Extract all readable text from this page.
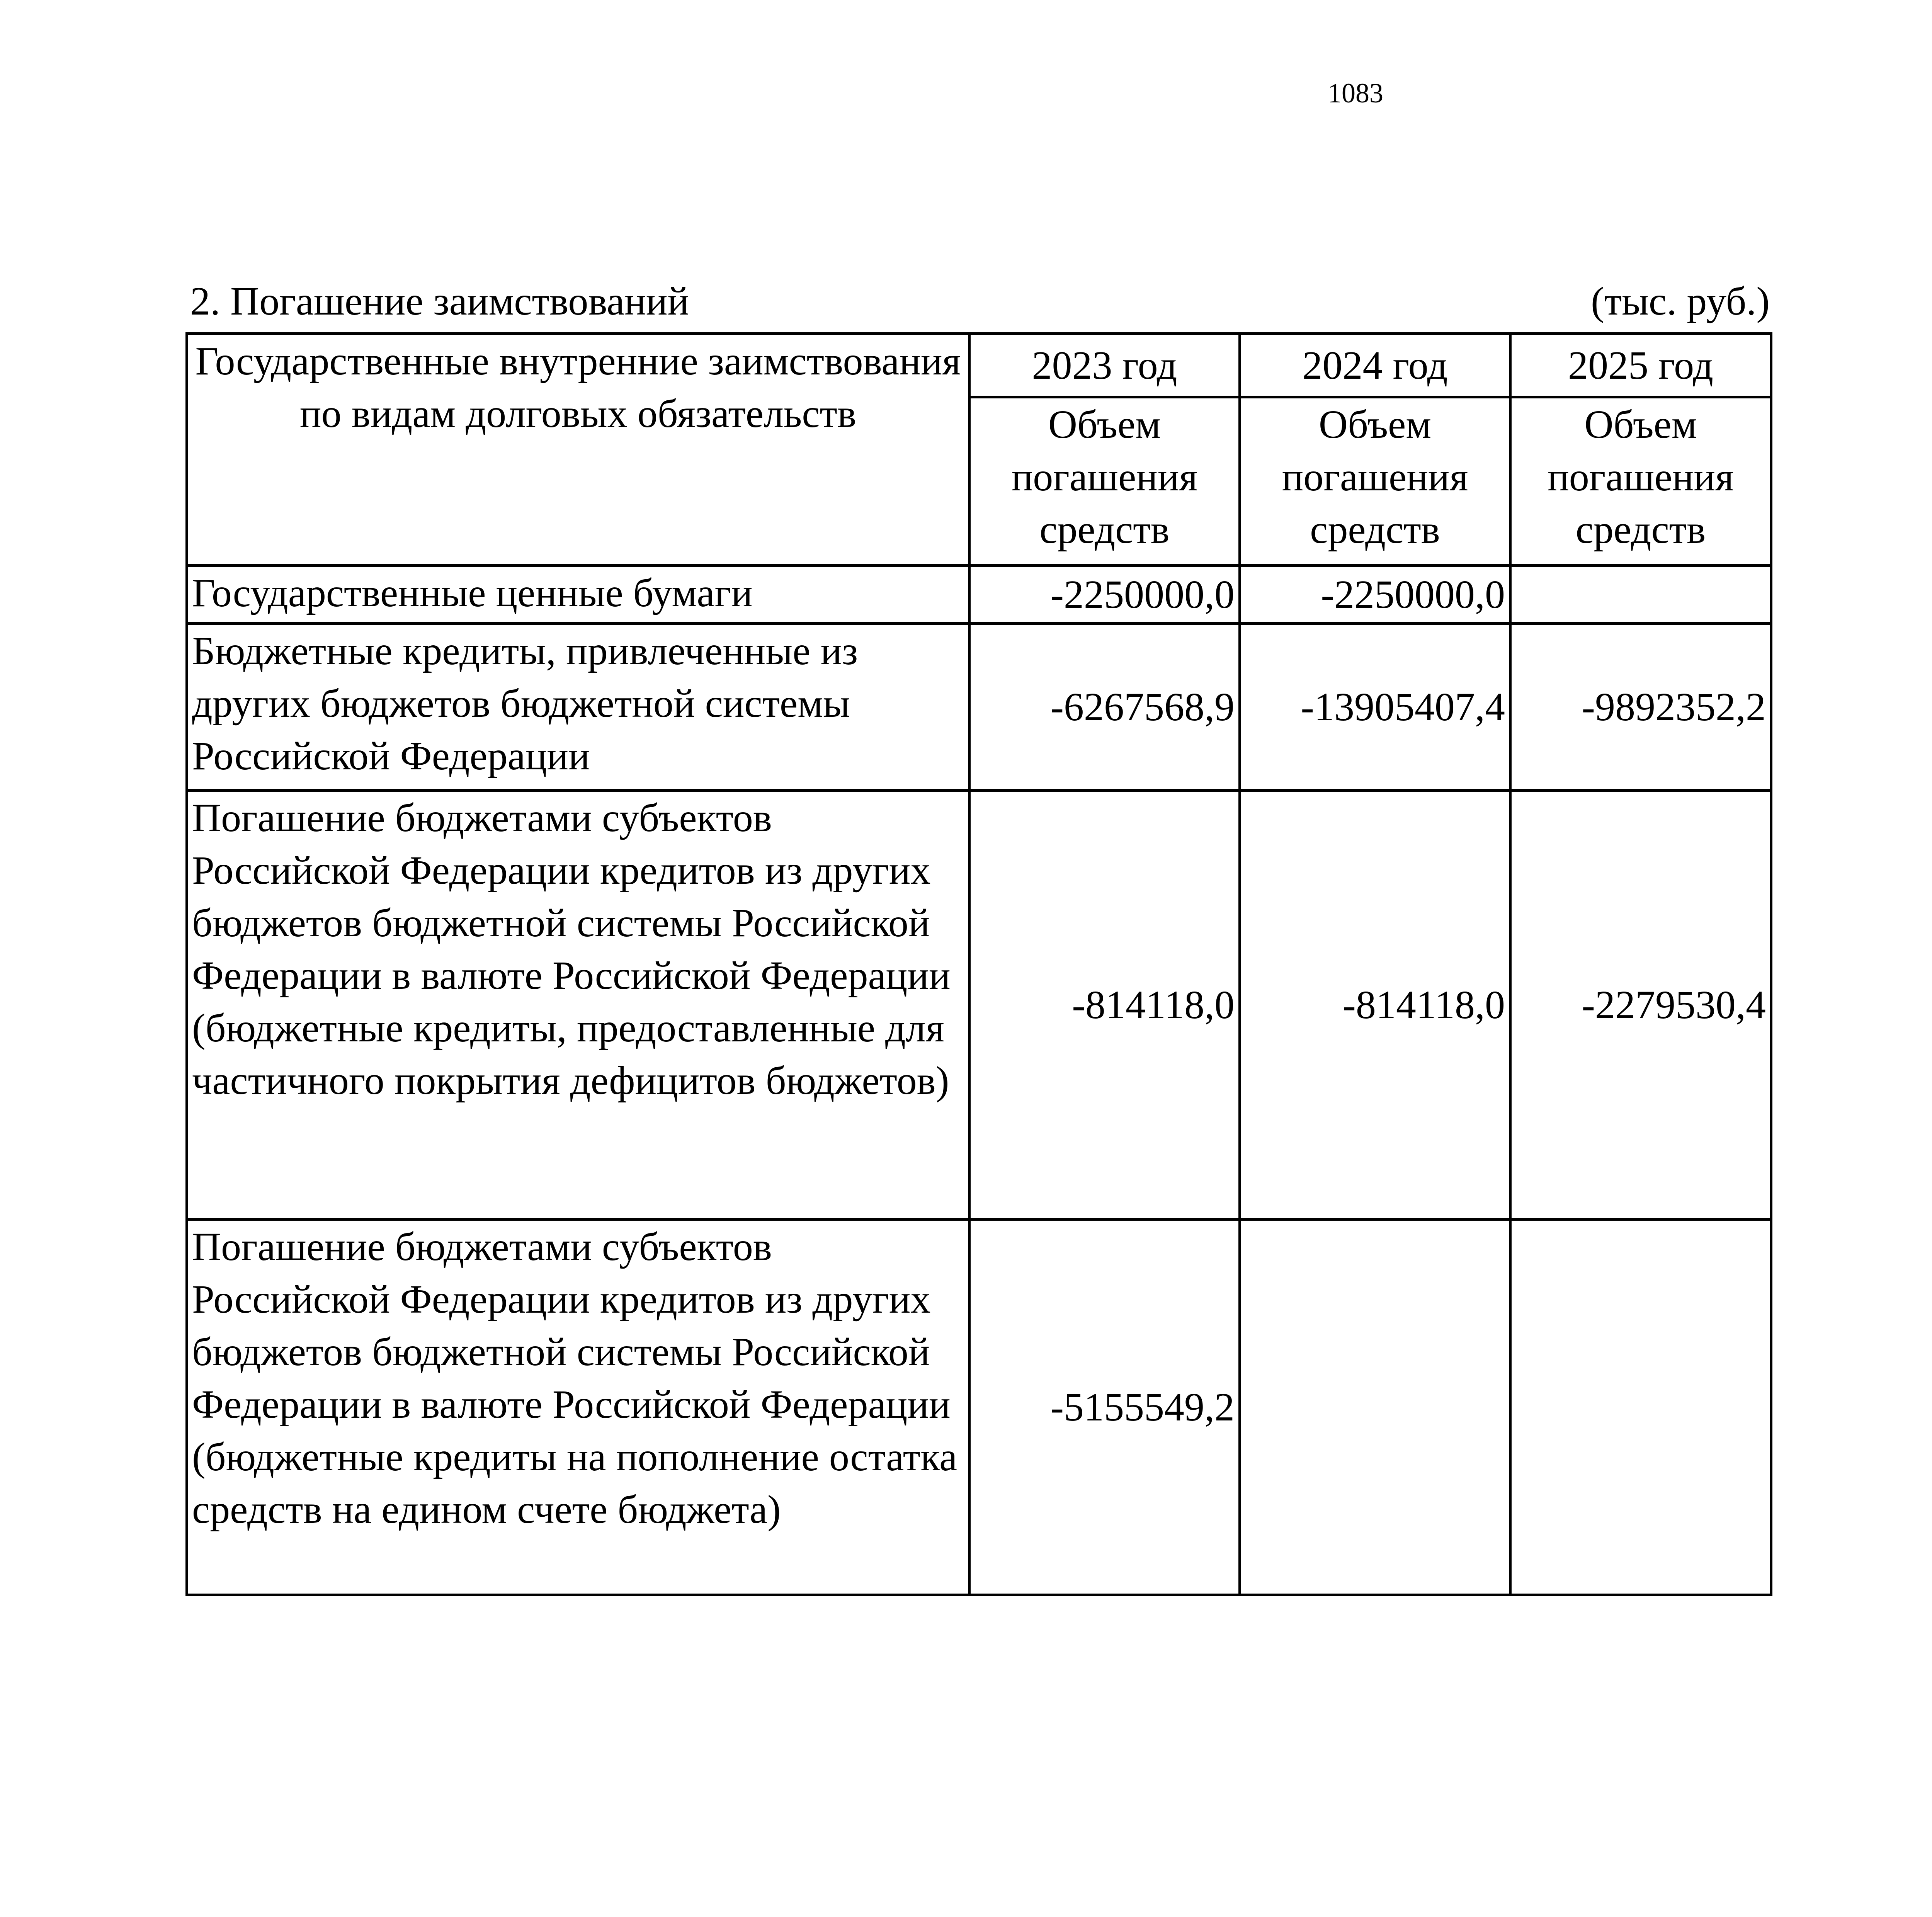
1083
2. Погашение заимствований	(тыс. руб.)
Государственные внутренние заимствования по видам долговых обязательств	2023 год	2024 год	2025 год
	Объем погашения средств	Объем погашения средств	Объем погашения средств
Государственные ценные бумаги	-2250000,0	-2250000,0	
Бюджетные кредиты, привлеченные из других бюджетов бюджетной системы Российской Федерации	-6267568,9	-13905407,4	-9892352,2
Погашение бюджетами субъектов Российской Федерации кредитов из других бюджетов бюджетной системы Российской Федерации в валюте Российской Федерации (бюджетные кредиты, предоставленные для частичного покрытия дефицитов бюджетов)	-814118,0	-814118,0	-2279530,4
Погашение бюджетами субъектов Российской Федерации кредитов из других бюджетов бюджетной системы Российской Федерации в валюте Российской Федерации (бюджетные кредиты на пополнение остатка средств на едином счете бюджета)	-5155549,2		
